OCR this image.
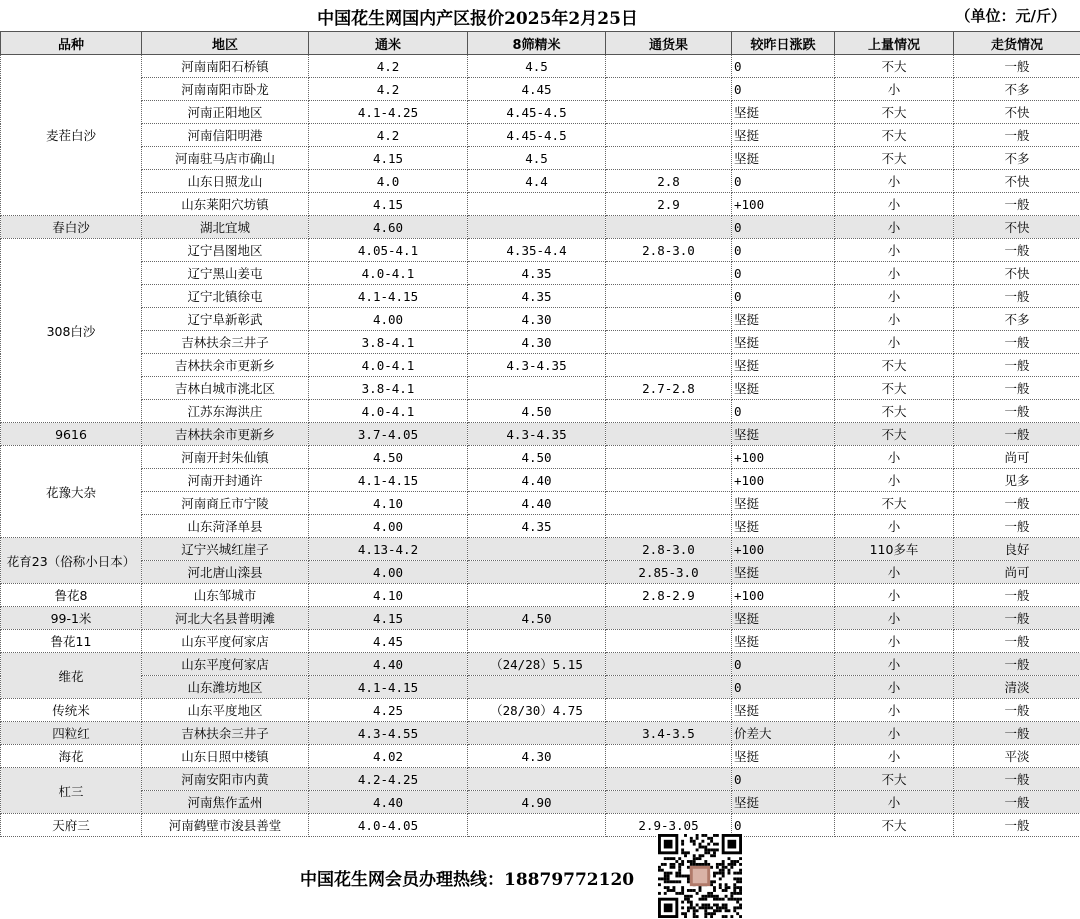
中国花生网国内产区报价2025年2月25日	（单位：元/斤）
品种	地区	通米	8筛精米	通货果	较昨日涨跌	上量情况	走货情况
麦茬白沙	河南南阳石桥镇	4.2	4.5		0	不大	一般
	河南南阳市卧龙	4.2	4.45		0	小	不多
	河南正阳地区	4.1-4.25	4.45-4.5		坚挺	不大	不快
	河南信阳明港	4.2	4.45-4.5		坚挺	不大	一般
	河南驻马店市确山	4.15	4.5		坚挺	不大	不多
	山东日照龙山	4.0	4.4	2.8	0	小	不快
	山东莱阳穴坊镇	4.15		2.9	+100	小	一般
春白沙	湖北宜城	4.60			0	小	不快
308白沙	辽宁昌图地区	4.05-4.1	4.35-4.4	2.8-3.0	0	小	一般
	辽宁黑山姜屯	4.0-4.1	4.35		0	小	不快
	辽宁北镇徐屯	4.1-4.15	4.35		0	小	一般
	辽宁阜新彰武	4.00	4.30		坚挺	小	不多
	吉林扶余三井子	3.8-4.1	4.30		坚挺	小	一般
	吉林扶余市更新乡	4.0-4.1	4.3-4.35		坚挺	不大	一般
	吉林白城市洮北区	3.8-4.1		2.7-2.8	坚挺	不大	一般
	江苏东海洪庄	4.0-4.1	4.50		0	不大	一般
9616	吉林扶余市更新乡	3.7-4.05	4.3-4.35		坚挺	不大	一般
花豫大杂	河南开封朱仙镇	4.50	4.50		+100	小	尚可
	河南开封通许	4.1-4.15	4.40		+100	小	见多
	河南商丘市宁陵	4.10	4.40		坚挺	不大	一般
	山东菏泽单县	4.00	4.35		坚挺	小	一般
花育23（俗称小日本）	辽宁兴城红崖子	4.13-4.2		2.8-3.0	+100	110多车	良好
	河北唐山滦县	4.00		2.85-3.0	坚挺	小	尚可
鲁花8	山东邹城市	4.10		2.8-2.9	+100	小	一般
99-1米	河北大名县普明滩	4.15	4.50		坚挺	小	一般
鲁花11	山东平度何家店	4.45			坚挺	小	一般
维花	山东平度何家店	4.40	（24/28）5.15		0	小	一般
	山东潍坊地区	4.1-4.15			0	小	清淡
传统米	山东平度地区	4.25	（28/30）4.75		坚挺	小	一般
四粒红	吉林扶余三井子	4.3-4.55		3.4-3.5	价差大	小	一般
海花	山东日照中楼镇	4.02	4.30		坚挺	小	平淡
杠三	河南安阳市内黄	4.2-4.25			0	不大	一般
	河南焦作孟州	4.40	4.90		坚挺	小	一般
天府三	河南鹤壁市浚县善堂	4.0-4.05		2.9-3.05	0	不大	一般
中国花生网会员办理热线：18879772120
